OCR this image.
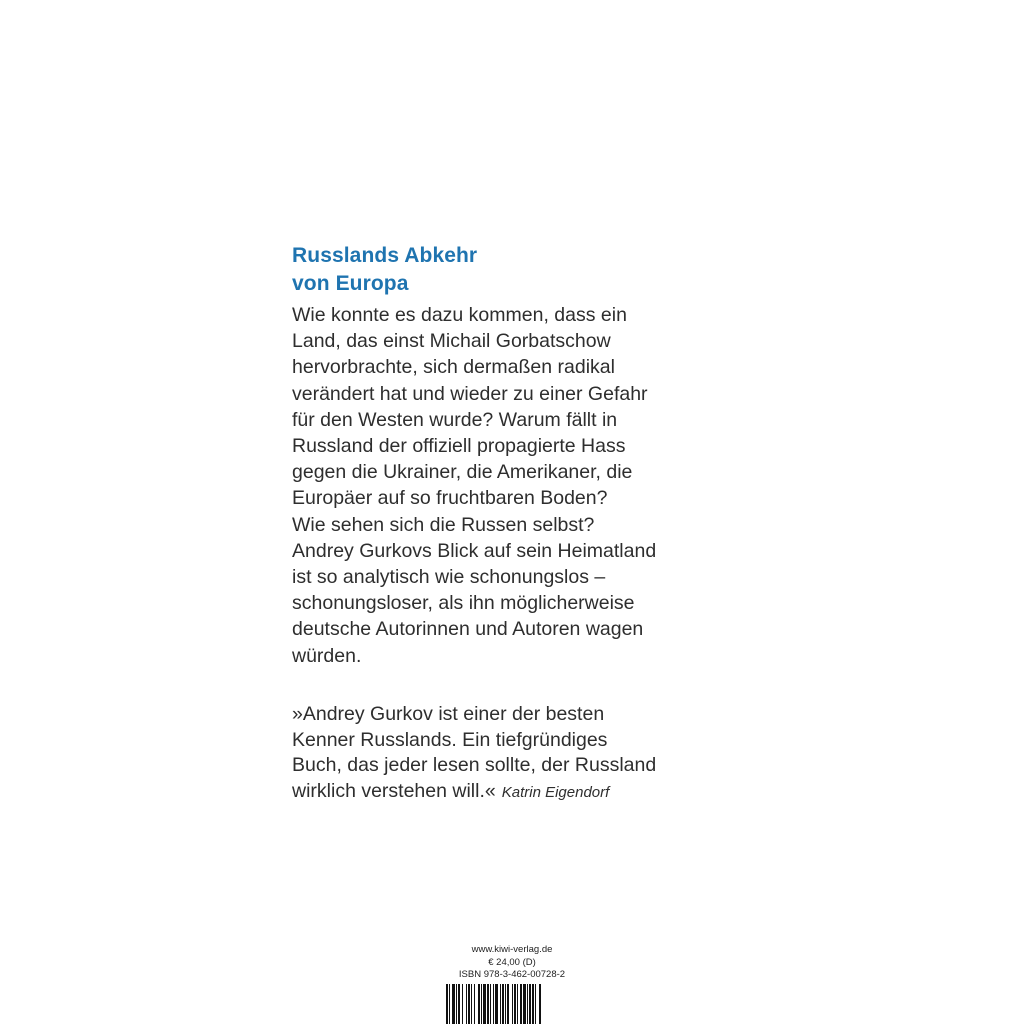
Russlands Abkehr
von Europa

Wie konnte es dazu kommen, dass ein
Land, das einst Michail Gorbatschow
hervorbrachte, sich dermaßen radikal
verändert hat und wieder zu einer Gefahr
für den Westen wurde? Warum fällt in
Russland der offiziell propagierte Hass
gegen die Ukrainer, die Amerikaner, die
Europäer auf so fruchtbaren Boden?
Wie sehen sich die Russen selbst?
Andrey Gurkovs Blick auf sein Heimatland
ist so analytisch wie schonungslos –
schonungsloser, als ihn möglicherweise
deutsche Autorinnen und Autoren wagen
würden.

»Andrey Gurkov ist einer der besten
Kenner Russlands. Ein tiefgründiges
Buch, das jeder lesen sollte, der Russland
wirklich verstehen will.« Katrin Eigendorf
www.kiwi-verlag.de
€ 24,00 (D)
ISBN 978-3-462-00728-2
